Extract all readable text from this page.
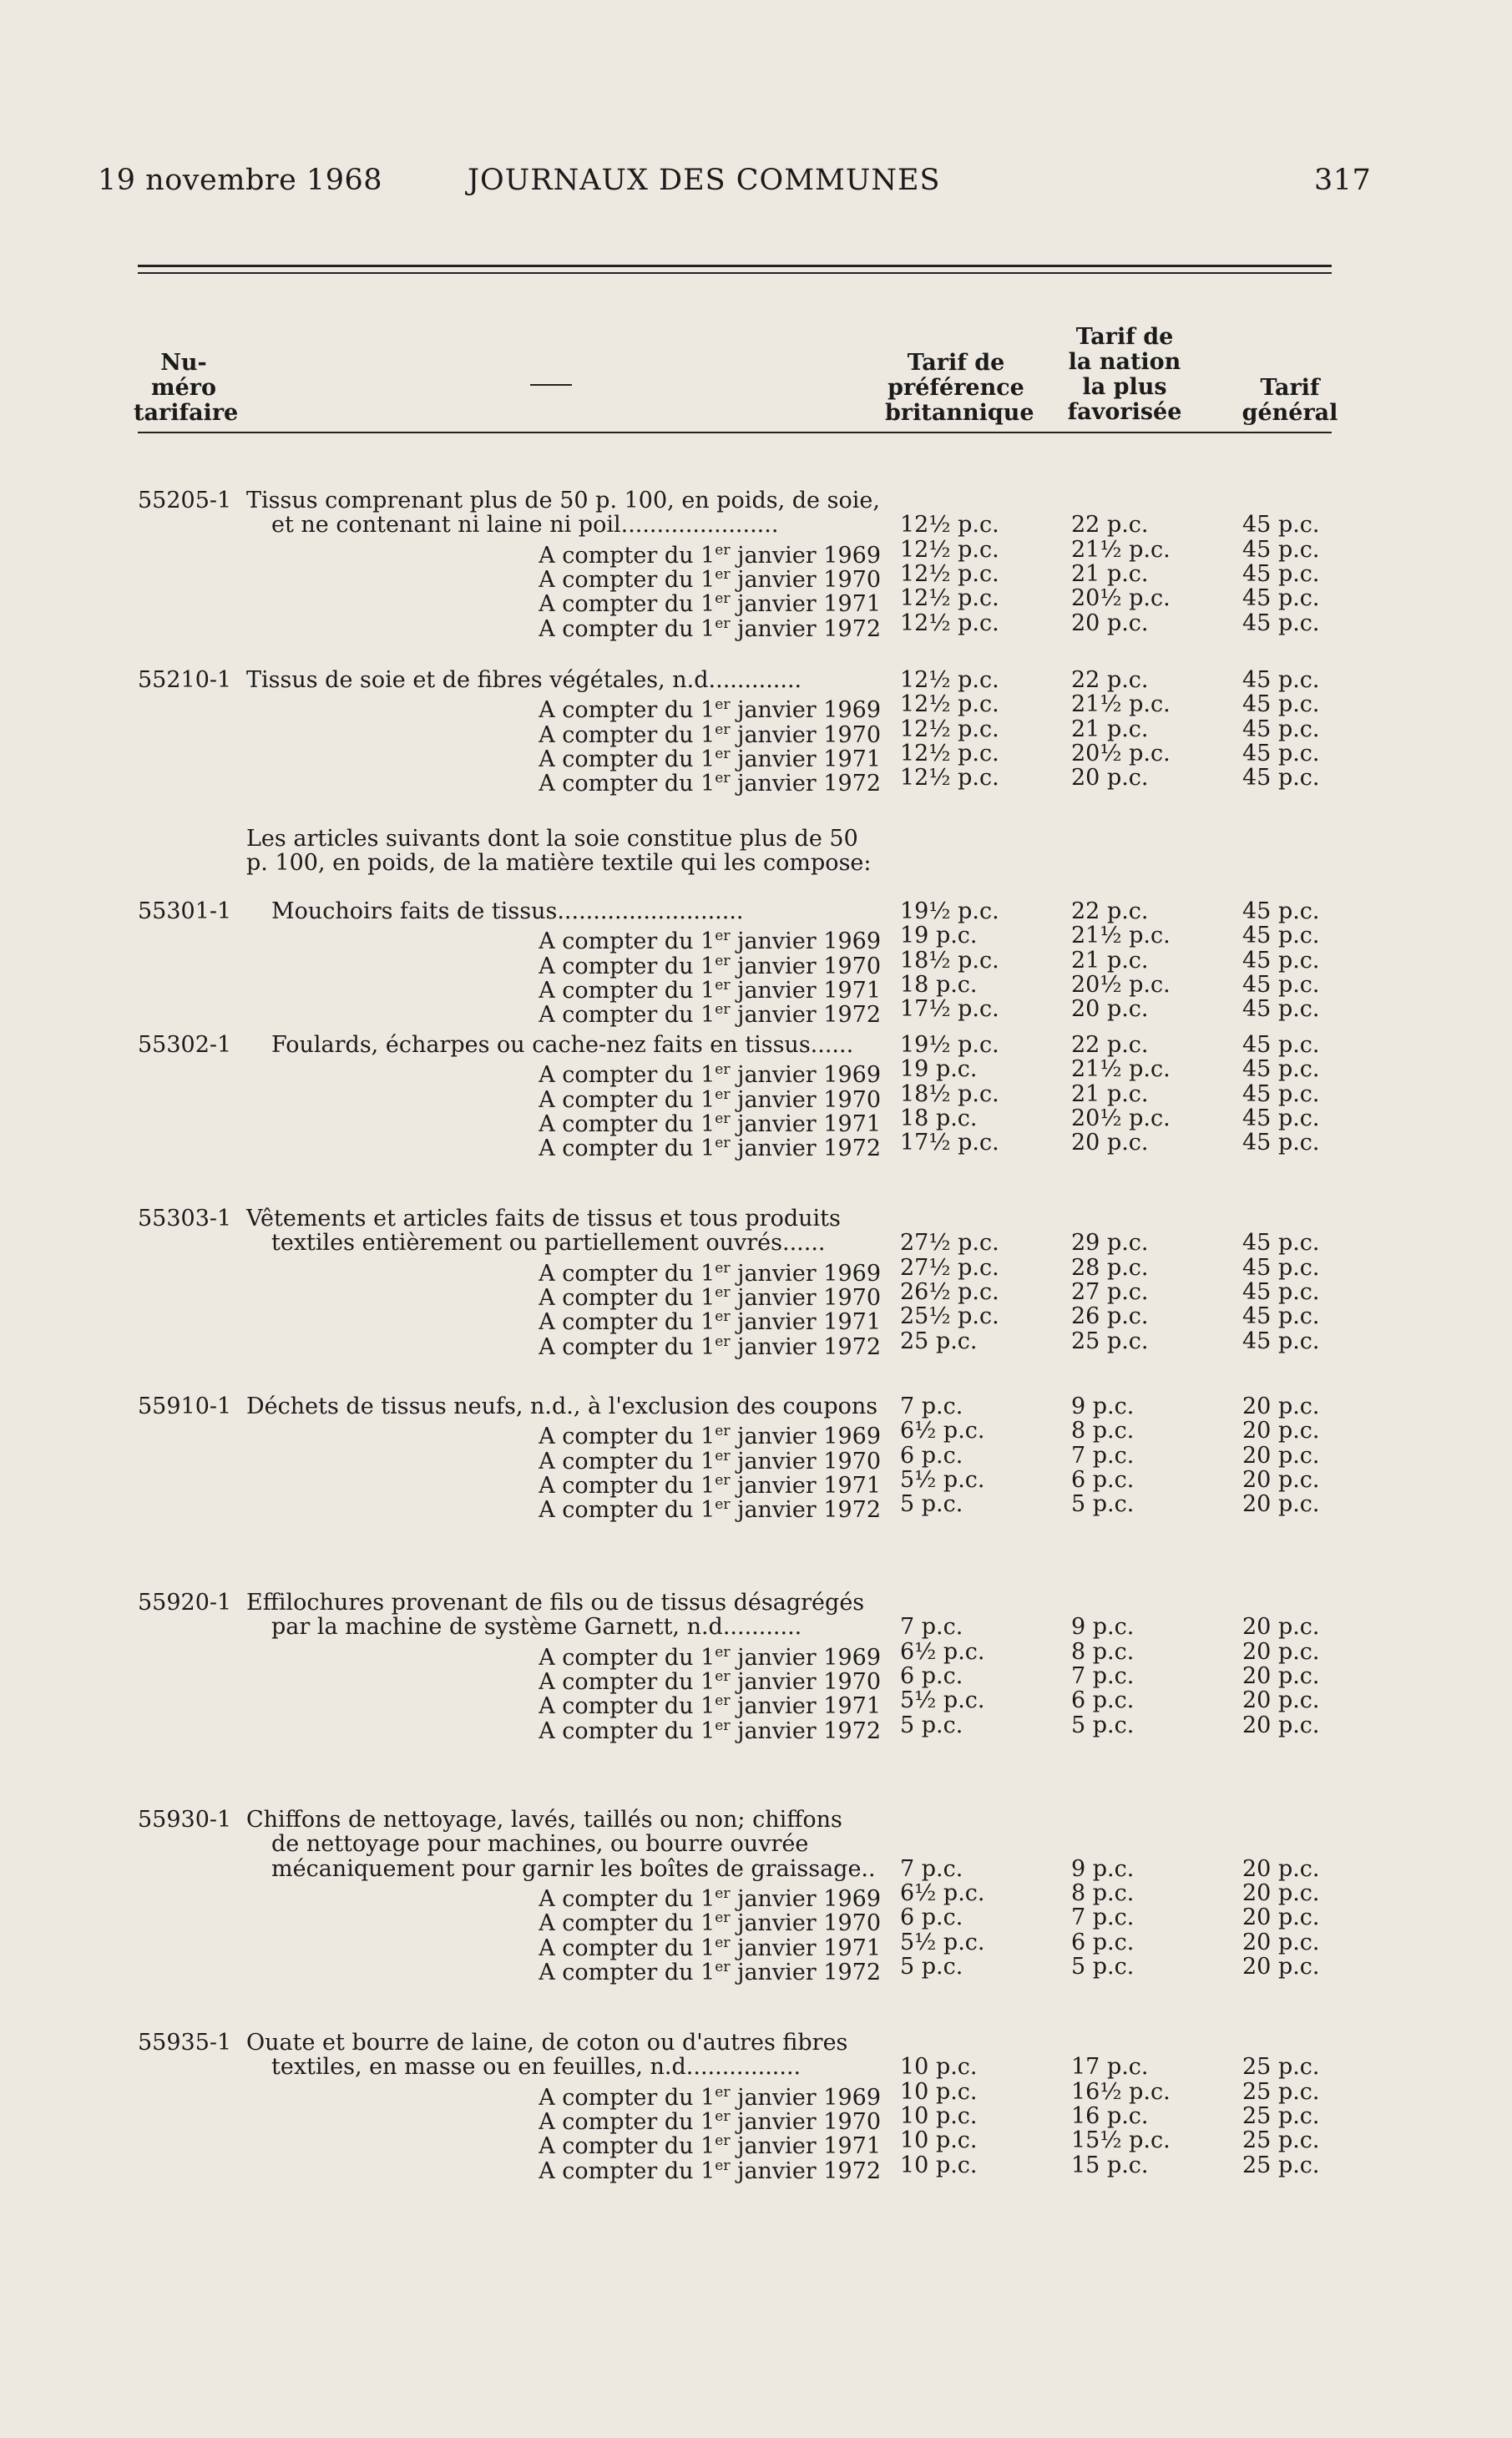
19 novembre 1968	JOURNAUX DES COMMUNES	317
Nu-
méro
tarifaire
Tarif de
préférence
britannique
Tarif de
la nation
la plus
favorisée
Tarif
général
Les articles suivants dont la soie constitue plus de 50
p. 100, en poids, de la matière textile qui les compose:
55205-1 Tissus comprenant plus de 50 p. 100, en poids, de soie,
et ne contenant ni laine ni poil......................	12½ p.c.	22 p.c.	45 p.c.
A compter du 1er janvier 1969 12½ p.c.	21½ p.c.	45 p.c.
A compter du 1er janvier 1970 12½ p.c.	21 p.c.	45 p.c.
A compter du 1er janvier 1971 12½ p.c.	20½ p.c.	45 p.c.
A compter du 1er janvier 1972 12½ p.c.	20 p.c.	45 p.c.
55210-1 Tissus de soie et de fibres végétales, n.d.............	12½ p.c.	22 p.c.	45 p.c.
A compter du 1er janvier 1969 12½ p.c.	21½ p.c.	45 p.c.
A compter du 1er janvier 1970 12½ p.c.	21 p.c.	45 p.c.
A compter du 1er janvier 1971 12½ p.c.	20½ p.c.	45 p.c.
A compter du 1er janvier 1972 12½ p.c.	20 p.c.	45 p.c.
55301-1 Mouchoirs faits de tissus..........................	19½ p.c.	22 p.c.	45 p.c.
A compter du 1er janvier 1969 19 p.c.	21½ p.c.	45 p.c.
A compter du 1er janvier 1970 18½ p.c.	21 p.c.	45 p.c.
A compter du 1er janvier 1971 18 p.c.	20½ p.c.	45 p.c.
A compter du 1er janvier 1972 17½ p.c.	20 p.c.	45 p.c.
55302-1 Foulards, écharpes ou cache-nez faits en tissus...... 19½ p.c.	22 p.c.	45 p.c.
A compter du 1er janvier 1969 19 p.c.	21½ p.c.	45 p.c.
A compter du 1er janvier 1970 18½ p.c.	21 p.c.	45 p.c.
A compter du 1er janvier 1971 18 p.c.	20½ p.c.	45 p.c.
A compter du 1er janvier 1972 17½ p.c.	20 p.c.	45 p.c.
55303-1 Vêtements et articles faits de tissus et tous produits
textiles entièrement ou partiellement ouvrés......	27½ p.c.	29 p.c.	45 p.c.
A compter du 1er janvier 1969 27½ p.c.	28 p.c.	45 p.c.
A compter du 1er janvier 1970 26½ p.c.	27 p.c.	45 p.c.
A compter du 1er janvier 1971 25½ p.c.	26 p.c.	45 p.c.
A compter du 1er janvier 1972 25 p.c.	25 p.c.	45 p.c.
55910-1 Déchets de tissus neufs, n.d., à l'exclusion des coupons 7 p.c.	9 p.c.	20 p.c.
A compter du 1er janvier 1969 6½ p.c.	8 p.c.	20 p.c.
A compter du 1er janvier 1970 6 p.c.	7 p.c.	20 p.c.
A compter du 1er janvier 1971 5½ p.c.	6 p.c.	20 p.c.
A compter du 1er janvier 1972 5 p.c.	5 p.c.	20 p.c.
55920-1 Effilochures provenant de fils ou de tissus désagrégés
par la machine de système Garnett, n.d...........	7 p.c.	9 p.c.	20 p.c.
A compter du 1er janvier 1969 6½ p.c.	8 p.c.	20 p.c.
A compter du 1er janvier 1970 6 p.c.	7 p.c.	20 p.c.
A compter du 1er janvier 1971 5½ p.c.	6 p.c.	20 p.c.
A compter du 1er janvier 1972 5 p.c.	5 p.c.	20 p.c.
55930-1 Chiffons de nettoyage, lavés, taillés ou non; chiffons
de nettoyage pour machines, ou bourre ouvrée
mécaniquement pour garnir les boîtes de graissage.. 7 p.c.	9 p.c.	20 p.c.
A compter du 1er janvier 1969 6½ p.c.	8 p.c.	20 p.c.
A compter du 1er janvier 1970 6 p.c.	7 p.c.	20 p.c.
A compter du 1er janvier 1971 5½ p.c.	6 p.c.	20 p.c.
A compter du 1er janvier 1972 5 p.c.	5 p.c.	20 p.c.
55935-1 Ouate et bourre de laine, de coton ou d'autres fibres
textiles, en masse ou en feuilles, n.d................	10 p.c.	17 p.c.	25 p.c.
A compter du 1er janvier 1969 10 p.c.	16½ p.c.	25 p.c.
A compter du 1er janvier 1970 10 p.c.	16 p.c.	25 p.c.
A compter du 1er janvier 1971 10 p.c.	15½ p.c.	25 p.c.
A compter du 1er janvier 1972 10 p.c.	15 p.c.	25 p.c.
